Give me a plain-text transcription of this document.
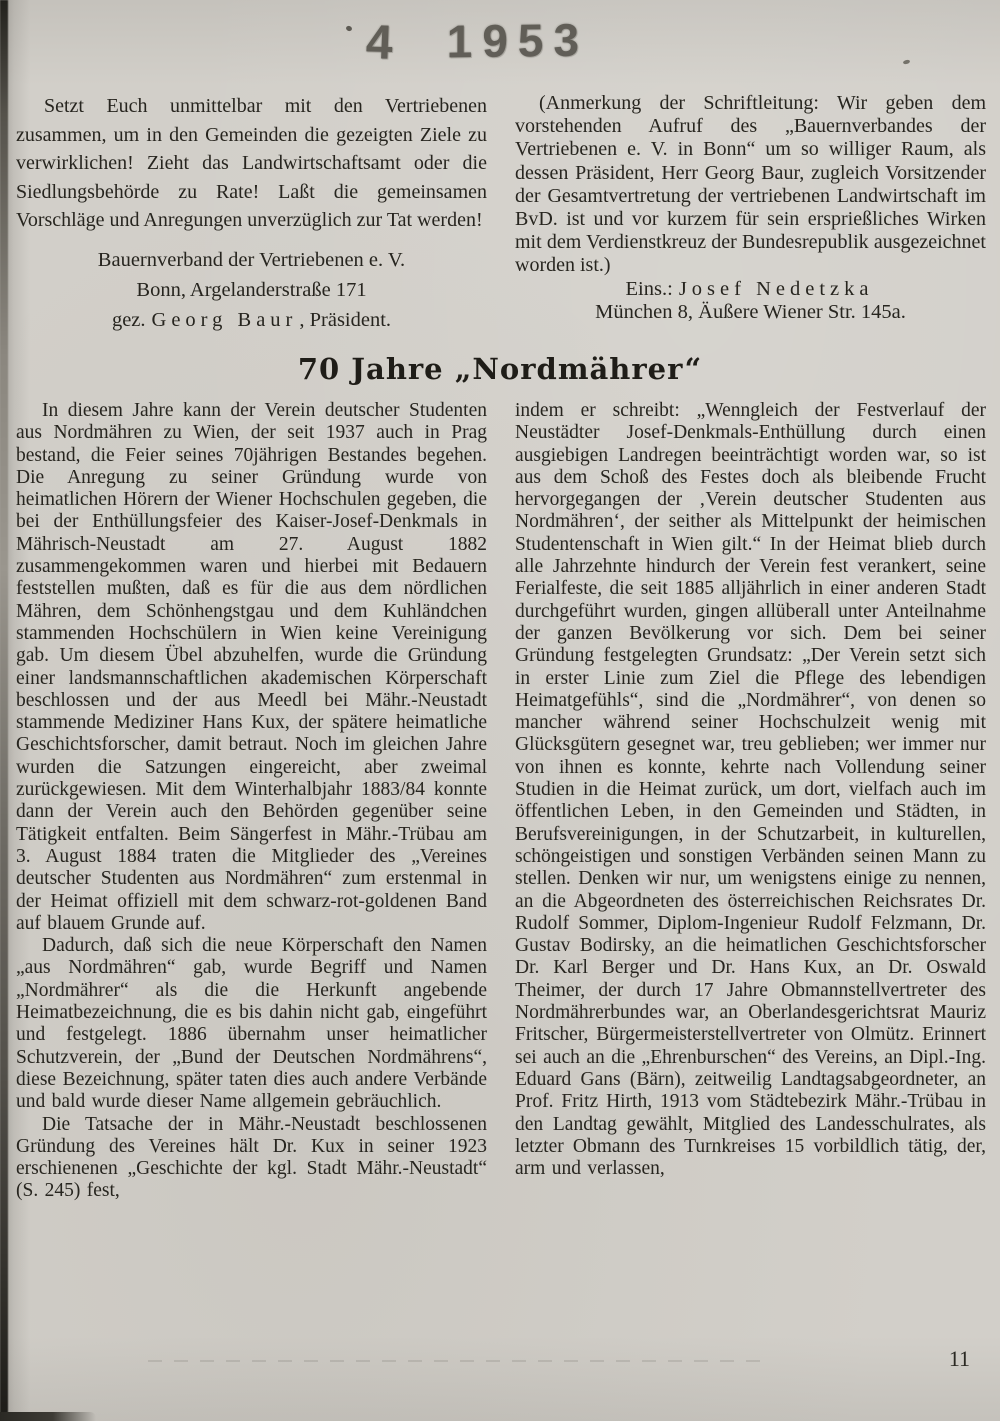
4 1953

Setzt Euch unmittelbar mit den Vertriebenen zusammen, um in den Gemeinden die gezeigten Ziele zu verwirklichen! Zieht das Landwirtschaftsamt oder die Siedlungsbehörde zu Rate! Laßt die gemeinsamen Vorschläge und Anregungen unverzüglich zur Tat werden!

Bauernverband der Vertriebenen e. V.
Bonn, Argelanderstraße 171
gez. Georg Baur, Präsident.

(Anmerkung der Schriftleitung: Wir geben dem vorstehenden Aufruf des „Bauernverbandes der Vertriebenen e. V. in Bonn“ um so williger Raum, als dessen Präsident, Herr Georg Baur, zugleich Vorsitzender der Gesamtvertretung der vertriebenen Landwirtschaft im BvD. ist und vor kurzem für sein ersprießliches Wirken mit dem Verdienstkreuz der Bundesrepublik ausgezeichnet worden ist.)

Eins.: Josef Nedetzka
München 8, Äußere Wiener Str. 145a.
70 Jahre „Nordmährer“

In diesem Jahre kann der Verein deutscher Studenten aus Nordmähren zu Wien, der seit 1937 auch in Prag bestand, die Feier seines 70jährigen Bestandes begehen. Die Anregung zu seiner Gründung wurde von heimatlichen Hörern der Wiener Hochschulen gegeben, die bei der Enthüllungsfeier des Kaiser-Josef-Denkmals in Mährisch-Neustadt am 27. August 1882 zusammengekommen waren und hierbei mit Bedauern feststellen mußten, daß es für die aus dem nördlichen Mähren, dem Schönhengstgau und dem Kuhländchen stammenden Hochschülern in Wien keine Vereinigung gab. Um diesem Übel abzuhelfen, wurde die Gründung einer landsmannschaftlichen akademischen Körperschaft beschlossen und der aus Meedl bei Mähr.-Neustadt stammende Mediziner Hans Kux, der spätere heimatliche Geschichtsforscher, damit betraut. Noch im gleichen Jahre wurden die Satzungen eingereicht, aber zweimal zurückgewiesen. Mit dem Winterhalbjahr 1883/84 konnte dann der Verein auch den Behörden gegenüber seine Tätigkeit entfalten. Beim Sängerfest in Mähr.-Trübau am 3. August 1884 traten die Mitglieder des „Vereines deutscher Studenten aus Nordmähren“ zum erstenmal in der Heimat offiziell mit dem schwarz-rot-goldenen Band auf blauem Grunde auf.

Dadurch, daß sich die neue Körperschaft den Namen „aus Nordmähren“ gab, wurde Begriff und Namen „Nordmährer“ als die die Herkunft angebende Heimatbezeichnung, die es bis dahin nicht gab, eingeführt und festgelegt. 1886 übernahm unser heimatlicher Schutzverein, der „Bund der Deutschen Nordmährens“, diese Bezeichnung, später taten dies auch andere Verbände und bald wurde dieser Name allgemein gebräuchlich.

Die Tatsache der in Mähr.-Neustadt beschlossenen Gründung des Vereines hält Dr. Kux in seiner 1923 erschienenen „Geschichte der kgl. Stadt Mähr.-Neustadt“ (S. 245) fest,

indem er schreibt: „Wenngleich der Festverlauf der Neustädter Josef-Denkmals-Enthüllung durch einen ausgiebigen Landregen beeinträchtigt worden war, so ist aus dem Schoß des Festes doch als bleibende Frucht hervorgegangen der ‚Verein deutscher Studenten aus Nordmähren‘, der seither als Mittelpunkt der heimischen Studentenschaft in Wien gilt.“ In der Heimat blieb durch alle Jahrzehnte hindurch der Verein fest verankert, seine Ferialfeste, die seit 1885 alljährlich in einer anderen Stadt durchgeführt wurden, gingen allüberall unter Anteilnahme der ganzen Bevölkerung vor sich. Dem bei seiner Gründung festgelegten Grundsatz: „Der Verein setzt sich in erster Linie zum Ziel die Pflege des lebendigen Heimatgefühls“, sind die „Nordmährer“, von denen so mancher während seiner Hochschulzeit wenig mit Glücksgütern gesegnet war, treu geblieben; wer immer nur von ihnen es konnte, kehrte nach Vollendung seiner Studien in die Heimat zurück, um dort, vielfach auch im öffentlichen Leben, in den Gemeinden und Städten, in Berufsvereinigungen, in der Schutzarbeit, in kulturellen, schöngeistigen und sonstigen Verbänden seinen Mann zu stellen. Denken wir nur, um wenigstens einige zu nennen, an die Abgeordneten des österreichischen Reichsrates Dr. Rudolf Sommer, Diplom-Ingenieur Rudolf Felzmann, Dr. Gustav Bodirsky, an die heimatlichen Geschichtsforscher Dr. Karl Berger und Dr. Hans Kux, an Dr. Oswald Theimer, der durch 17 Jahre Obmannstellvertreter des Nordmährerbundes war, an Oberlandesgerichtsrat Mauriz Fritscher, Bürgermeisterstellvertreter von Olmütz. Erinnert sei auch an die „Ehrenburschen“ des Vereins, an Dipl.-Ing. Eduard Gans (Bärn), zeitweilig Landtagsabgeordneter, an Prof. Fritz Hirth, 1913 vom Städtebezirk Mähr.-Trübau in den Landtag gewählt, Mitglied des Landesschulrates, als letzter Obmann des Turnkreises 15 vorbildlich tätig, der, arm und verlassen,

11
